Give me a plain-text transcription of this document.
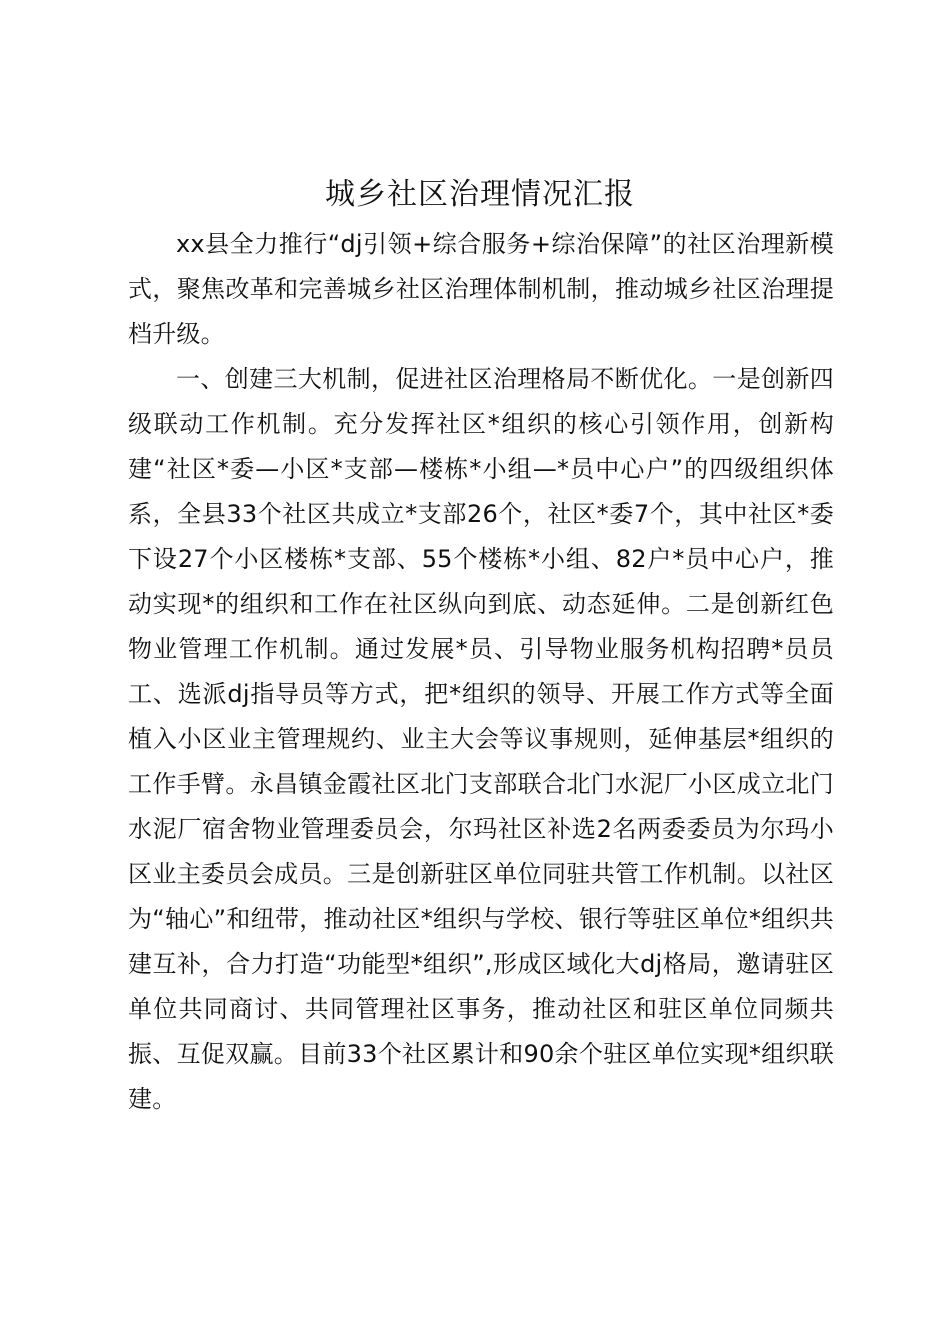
城乡社区治理情况汇报

xx县全力推行“dj引领+综合服务+综治保障”的社区治理新模式，聚焦改革和完善城乡社区治理体制机制，推动城乡社区治理提档升级。

一、创建三大机制，促进社区治理格局不断优化。一是创新四级联动工作机制。充分发挥社区*组织的核心引领作用，创新构建“社区*委—小区*支部—楼栋*小组—*员中心户”的四级组织体系，全县33个社区共成立*支部26个，社区*委7个，其中社区*委下设27个小区楼栋*支部、55个楼栋*小组、82户*员中心户，推动实现*的组织和工作在社区纵向到底、动态延伸。二是创新红色物业管理工作机制。通过发展*员、引导物业服务机构招聘*员员工、选派dj指导员等方式，把*组织的领导、开展工作方式等全面植入小区业主管理规约、业主大会等议事规则，延伸基层*组织的工作手臂。永昌镇金霞社区北门支部联合北门水泥厂小区成立北门水泥厂宿舍物业管理委员会，尔玛社区补选2名两委委员为尔玛小区业主委员会成员。三是创新驻区单位同驻共管工作机制。以社区为“轴心”和纽带，推动社区*组织与学校、银行等驻区单位*组织共建互补，合力打造“功能型*组织”,形成区域化大dj格局，邀请驻区单位共同商讨、共同管理社区事务，推动社区和驻区单位同频共振、互促双赢。目前33个社区累计和90余个驻区单位实现*组织联建。
